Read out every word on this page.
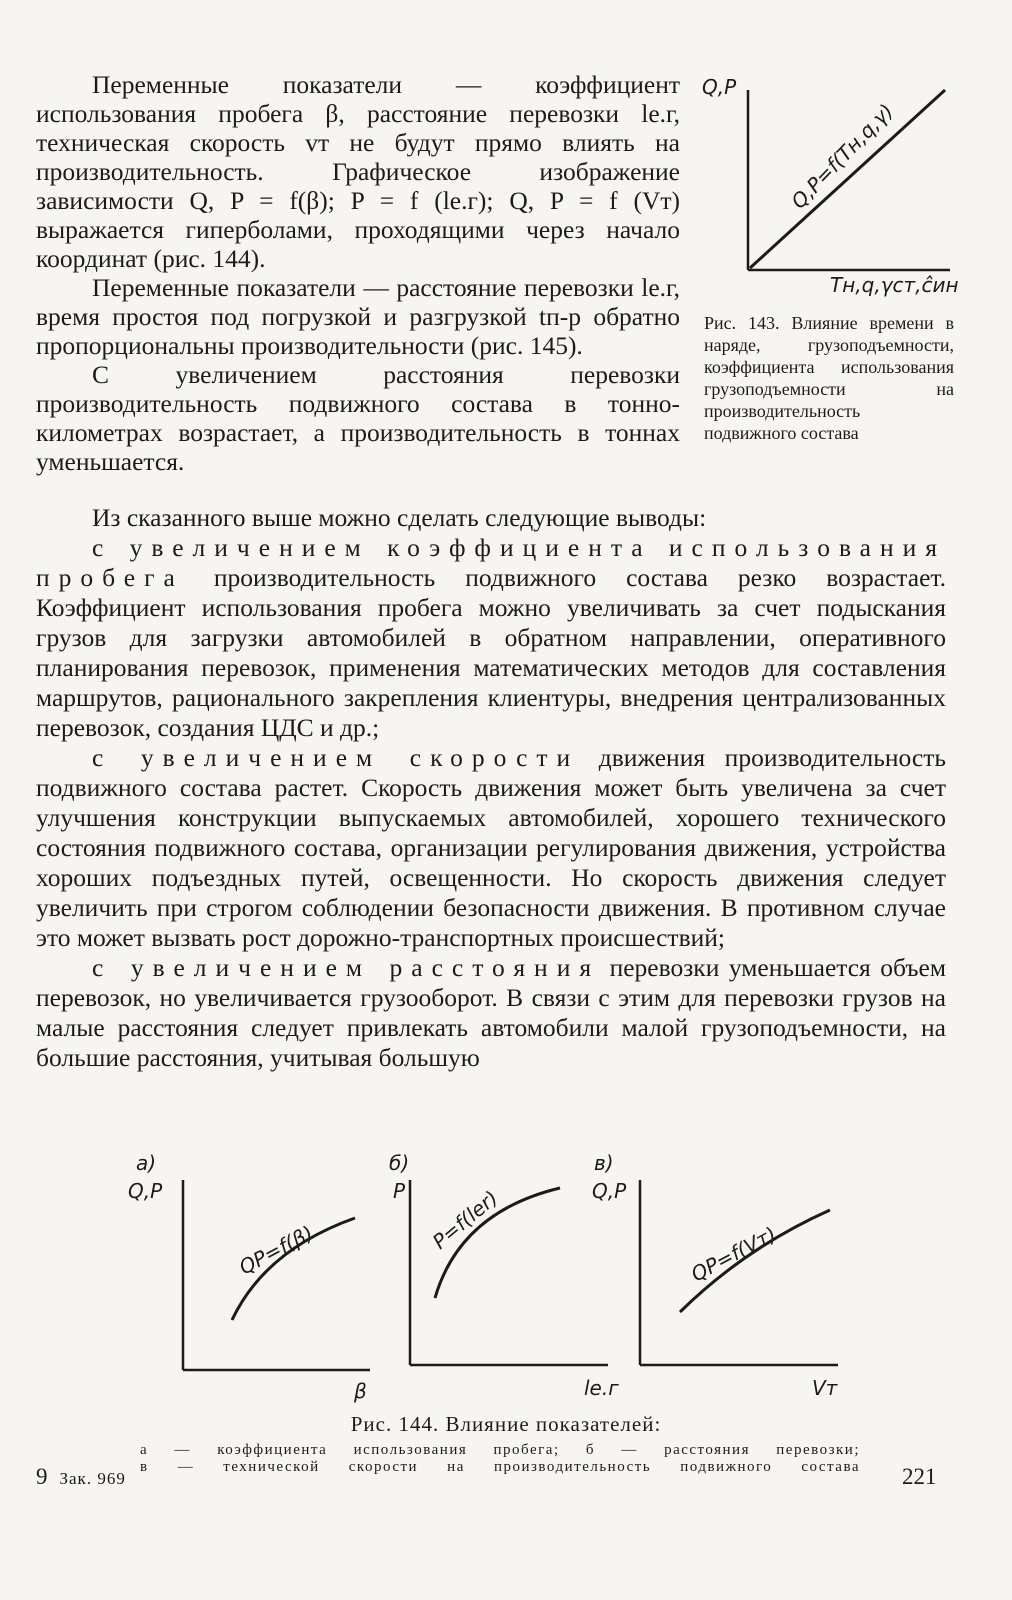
Переменные показатели — коэффициент использования пробега β, расстояние перевозки lе.г, техническая скорость vт не будут прямо влиять на производительность. Графическое изображение зависимости Q, P = f(β); P = f (lе.г); Q, P = f (Vт) выражается гиперболами, проходящими через начало координат (рис. 144).

Переменные показатели — расстояние перевозки lе.г, время простоя под погрузкой и разгрузкой tп-р обратно пропорциональны производительности (рис. 145).

С увеличением расстояния перевозки производительность подвижного состава в тонно-километрах возрастает, а производительность в тоннах уменьшается.

Q,P
Q,P=f(Tн,q,γ)
Tн,q,γст,ĉин
Рис. 143. Влияние времени в наряде, грузоподъемности, коэффициента использования грузоподъемности на производительность подвижного состава

Из сказанного выше можно сделать следующие выводы:

с увеличением коэффициента использования пробега производительность подвижного состава резко возрастает. Коэффициент использования пробега можно увеличивать за счет подыскания грузов для загрузки автомобилей в обратном направлении, оперативного планирования перевозок, применения математических методов для составления маршрутов, рационального закрепления клиентуры, внедрения централизованных перевозок, создания ЦДС и др.;

с увеличением скорости движения производительность подвижного состава растет. Скорость движения может быть увеличена за счет улучшения конструкции выпускаемых автомобилей, хорошего технического состояния подвижного состава, организации регулирования движения, устройства хороших подъездных путей, освещенности. Но скорость движения следует увеличить при строгом соблюдении безопасности движения. В противном случае это может вызвать рост дорожно-транспортных происшествий;

с увеличением расстояния перевозки уменьшается объем перевозок, но увеличивается грузооборот. В связи с этим для перевозки грузов на малые расстояния следует привлекать автомобили малой грузоподъемности, на большие расстояния, учитывая большую

а)
Q,P
QP=f(β)
β
б)
P P=f(lеr)
lе.г
в)
Q,P
QP=f(Vт)
Vт
Рис. 144. Влияние показателей:
а — коэффициента использования пробега; б — расстояния перевозки;
в — технической скорости на производительность подвижного состава
9 Зак. 969	221
